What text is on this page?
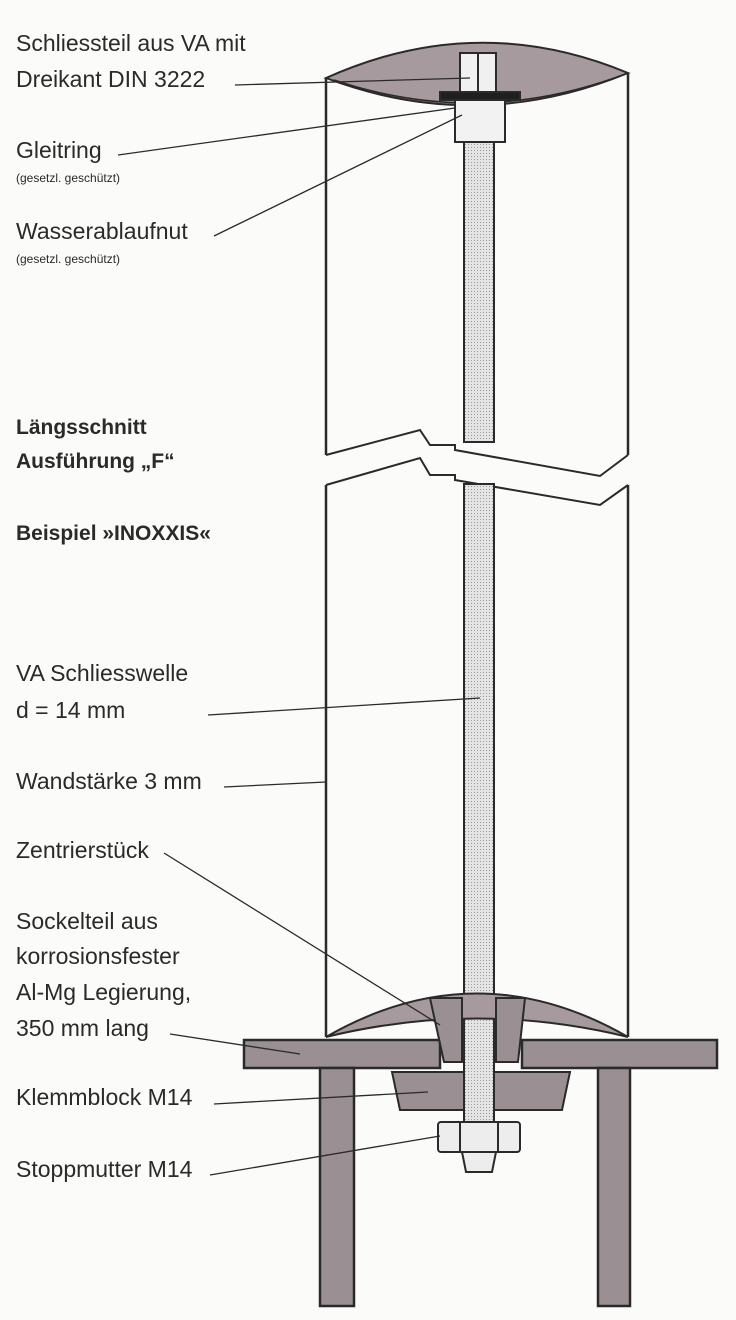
Schliessteil aus VA mit
Dreikant DIN 3222
Gleitring
(gesetzl. geschützt)
Wasserablaufnut
(gesetzl. geschützt)
Längsschnitt
Ausführung „F“
Beispiel »INOXXIS«
VA Schliesswelle
d = 14 mm
Wandstärke 3 mm
Zentrierstück
Sockelteil aus
korrosionsfester
Al-Mg Legierung,
350 mm lang
Klemmblock M14
Stoppmutter M14
